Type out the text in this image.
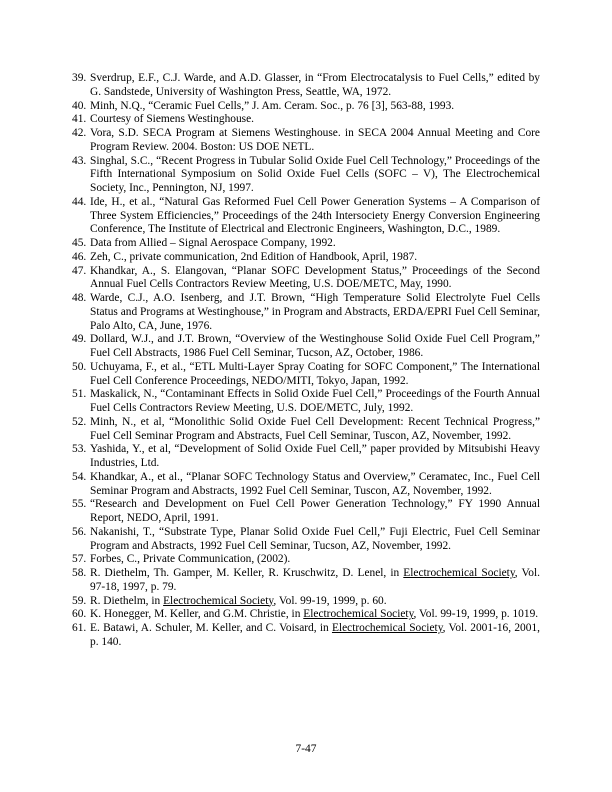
39. Sverdrup, E.F., C.J. Warde, and A.D. Glasser, in “From Electrocatalysis to Fuel Cells,” edited by G. Sandstede, University of Washington Press, Seattle, WA, 1972.
40. Minh, N.Q., “Ceramic Fuel Cells,” J. Am. Ceram. Soc., p. 76 [3], 563-88, 1993.
41. Courtesy of Siemens Westinghouse.
42. Vora, S.D. SECA Program at Siemens Westinghouse. in SECA 2004 Annual Meeting and Core Program Review. 2004. Boston: US DOE NETL.
43. Singhal, S.C., “Recent Progress in Tubular Solid Oxide Fuel Cell Technology,” Proceedings of the Fifth International Symposium on Solid Oxide Fuel Cells (SOFC – V), The Electrochemical Society, Inc., Pennington, NJ, 1997.
44. Ide, H., et al., “Natural Gas Reformed Fuel Cell Power Generation Systems – A Comparison of Three System Efficiencies,” Proceedings of the 24th Intersociety Energy Conversion Engineering Conference, The Institute of Electrical and Electronic Engineers, Washington, D.C., 1989.
45. Data from Allied – Signal Aerospace Company, 1992.
46. Zeh, C., private communication, 2nd Edition of Handbook, April, 1987.
47. Khandkar, A., S. Elangovan, “Planar SOFC Development Status,” Proceedings of the Second Annual Fuel Cells Contractors Review Meeting, U.S. DOE/METC, May, 1990.
48. Warde, C.J., A.O. Isenberg, and J.T. Brown, “High Temperature Solid Electrolyte Fuel Cells Status and Programs at Westinghouse,” in Program and Abstracts, ERDA/EPRI Fuel Cell Seminar, Palo Alto, CA, June, 1976.
49. Dollard, W.J., and J.T. Brown, “Overview of the Westinghouse Solid Oxide Fuel Cell Program,” Fuel Cell Abstracts, 1986 Fuel Cell Seminar, Tucson, AZ, October, 1986.
50. Uchuyama, F., et al., “ETL Multi-Layer Spray Coating for SOFC Component,” The International Fuel Cell Conference Proceedings, NEDO/MITI, Tokyo, Japan, 1992.
51. Maskalick, N., “Contaminant Effects in Solid Oxide Fuel Cell,” Proceedings of the Fourth Annual Fuel Cells Contractors Review Meeting, U.S. DOE/METC, July, 1992.
52. Minh, N., et al, “Monolithic Solid Oxide Fuel Cell Development: Recent Technical Progress,” Fuel Cell Seminar Program and Abstracts, Fuel Cell Seminar, Tuscon, AZ, November, 1992.
53. Yashida, Y., et al, “Development of Solid Oxide Fuel Cell,” paper provided by Mitsubishi Heavy Industries, Ltd.
54. Khandkar, A., et al., “Planar SOFC Technology Status and Overview,” Ceramatec, Inc., Fuel Cell Seminar Program and Abstracts, 1992 Fuel Cell Seminar, Tuscon, AZ, November, 1992.
55. “Research and Development on Fuel Cell Power Generation Technology,” FY 1990 Annual Report, NEDO, April, 1991.
56. Nakanishi, T., “Substrate Type, Planar Solid Oxide Fuel Cell,” Fuji Electric, Fuel Cell Seminar Program and Abstracts, 1992 Fuel Cell Seminar, Tucson, AZ, November, 1992.
57. Forbes, C., Private Communication, (2002).
58. R. Diethelm, Th. Gamper, M. Keller, R. Kruschwitz, D. Lenel, in Electrochemical Society, Vol. 97-18, 1997, p. 79.
59. R. Diethelm, in Electrochemical Society, Vol. 99-19, 1999, p. 60.
60. K. Honegger, M. Keller, and G.M. Christie, in Electrochemical Society, Vol. 99-19, 1999, p. 1019.
61. E. Batawi, A. Schuler, M. Keller, and C. Voisard, in Electrochemical Society, Vol. 2001-16, 2001, p. 140.
7-47
